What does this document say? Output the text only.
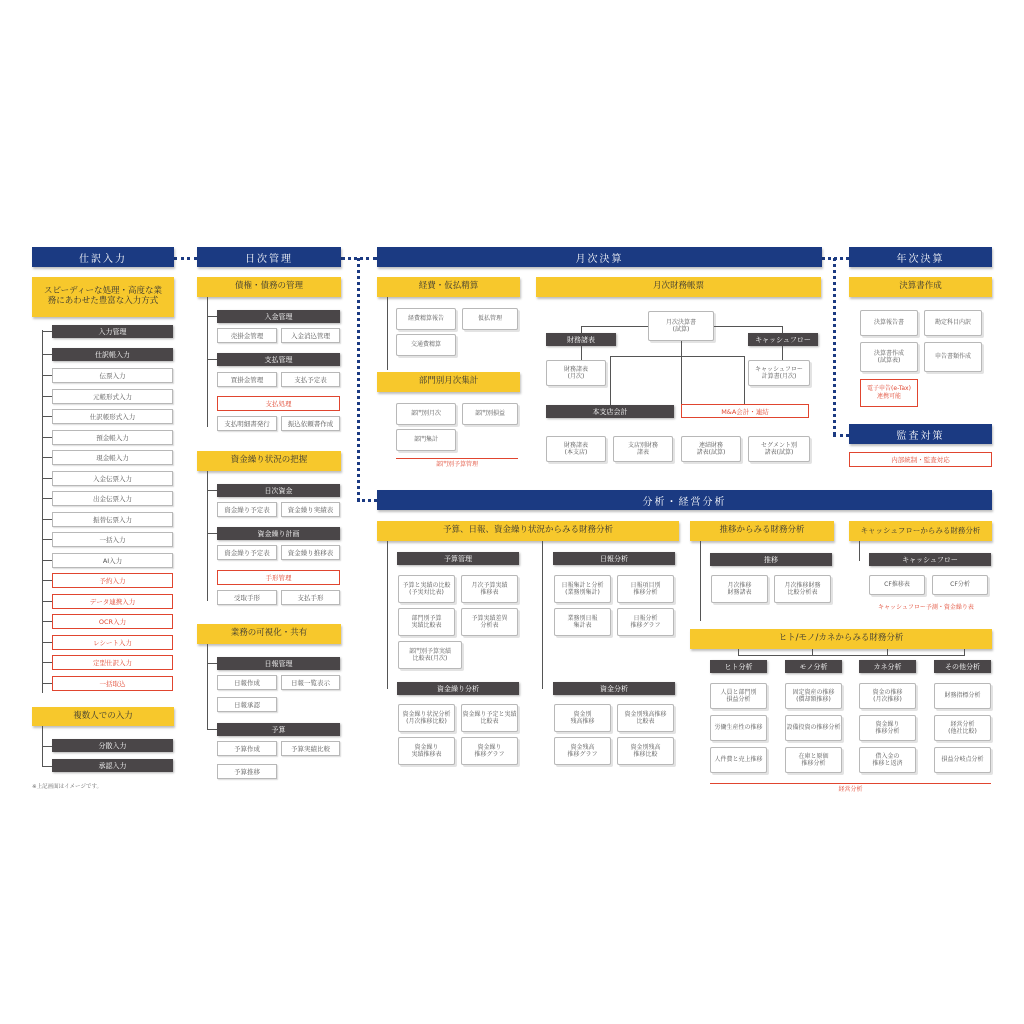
仕訳入力
スピーディーな処理・高度な業務にあわせた豊富な入力方式
入力管理
仕訳帳入力
伝票入力
元帳形式入力
仕訳帳形式入力
預金帳入力
現金帳入力
入金伝票入力
出金伝票入力
振替伝票入力
一括入力
AI入力
予約入力
データ連携入力
OCR入力
レシート入力
定型仕訳入力
一括取込
複数人での入力
分散入力
承認入力
※上記画面はイメージです。
日次管理
債権・債務の管理
入金管理
売掛金管理	入金消込管理
支払管理
買掛金管理	支払予定表
支払処理
支払明細書発行	振込依頼書作成
資金繰り状況の把握
日次資金
資金繰り予定表	資金繰り実績表
資金繰り計画
資金繰り予定表	資金繰り推移表
手形管理
受取手形	支払手形
業務の可視化・共有
日報管理
日報作成	日報一覧表示
日報承認
予算
予算作成	予算実績比較
予算推移
月次決算
経費・仮払精算
経費精算報告	仮払管理
交通費精算
部門別月次集計
部門別月次	部門別損益
部門集計
部門別予算管理
月次財務帳票
月次決算書
(試算)
財務諸表	キャッシュフロー
財務諸表
(月次)
キャッシュフロー
計算書(月次)
本支店会計	M&A会計・連結
財務諸表
(本支店)
支店別財務
諸表
連結財務
諸表(試算)
セグメント別
諸表(試算)
年次決算
決算書作成
決算報告書	勘定科目内訳
決算書作成
(試算表)
申告書類作成
電子申告(e-Tax)
連携可能
監査対策
内部統制・監査対応
分析・経営分析
予算、日報、資金繰り状況からみる財務分析
予算管理
予算と実績の比較
(予実対比表)
月次予算実績
推移表
部門別予算
実績比較表
予算実績差異
分析表
部門別予算実績
比較表(月次)
日報分析
日報集計と分析
(業務別集計)
日報項目別
推移分析
業務別日報
集計表
日報分析
推移グラフ
資金繰り分析
資金繰り状況分析
(月次推移比較)
資金繰り予定と実績
比較表
資金繰り
実績推移表
資金繰り
推移グラフ
資金分析
資金別
残高推移
資金別残高推移
比較表
資金残高
推移グラフ
資金別残高
推移比較
推移からみる財務分析
推移
月次推移
財務諸表
月次推移財務
比較分析表
キャッシュフローからみる財務分析
キャッシュフロー
CF推移表	CF分析
キャッシュフロー予測・資金繰り表
ヒト/モノ/カネからみる財務分析
ヒト分析	モノ分析	カネ分析	その他分析
人員と部門別
損益分析
労働生産性の推移
人件費と売上推移
固定資産の推移
(償却額推移)
設備投資の推移分析
在庫と原価
推移分析
資金の推移
(月次推移)
資金繰り
推移分析
借入金の
推移と返済
財務指標分析
経営分析
(他社比較)
損益分岐点分析
経営分析
